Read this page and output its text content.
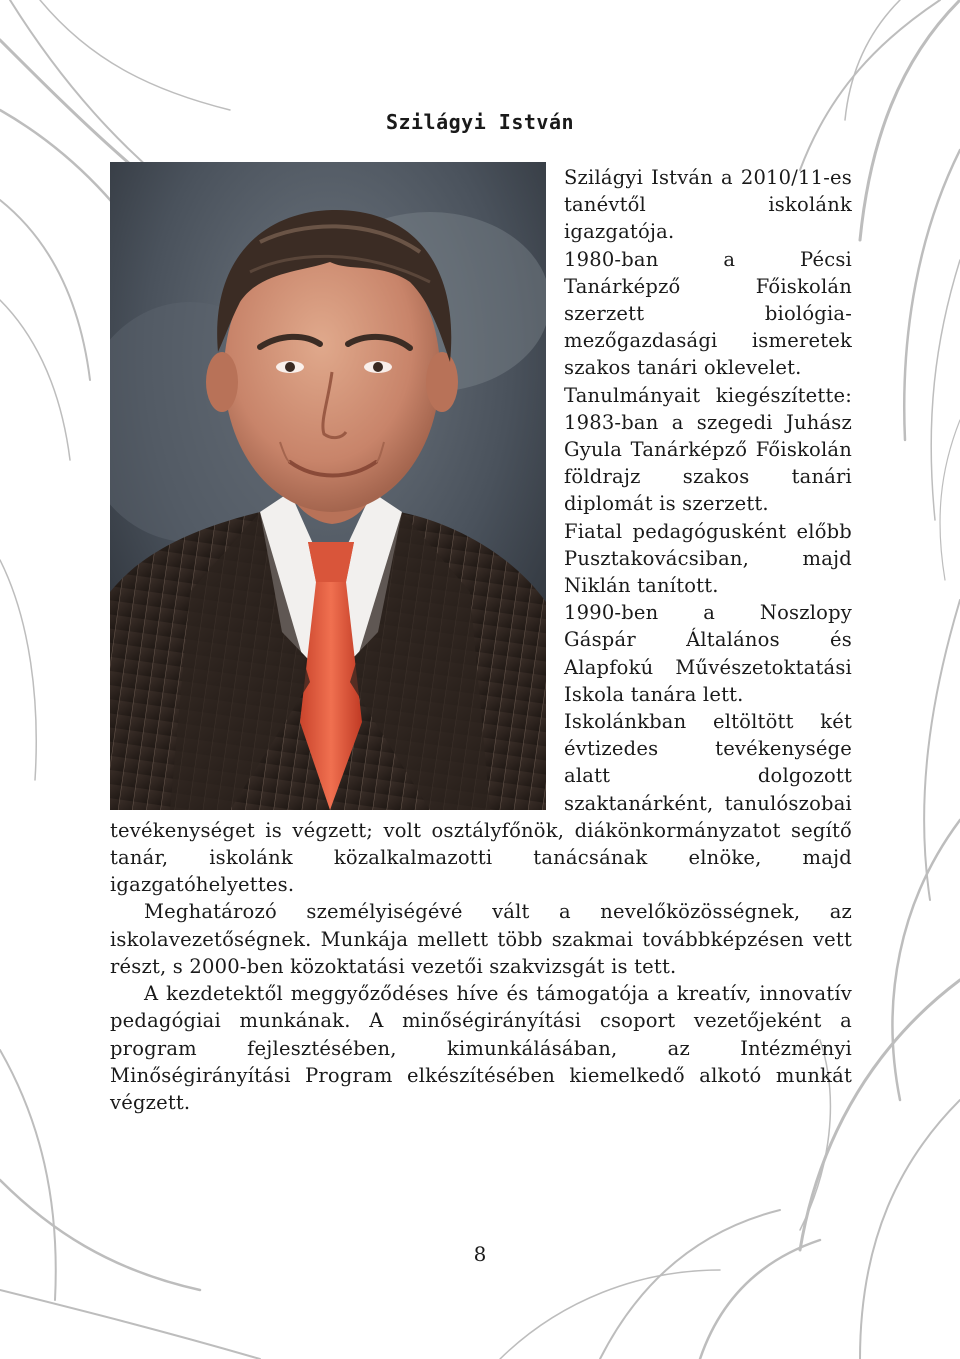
Szilágyi István

Szilágyi István a 2010/11-es tanévtől iskolánk igazgatója.

1980-ban a Pécsi Tanárképző Főiskolán szerzett biológia-mezőgazdasági ismeretek szakos tanári oklevelet.

Tanulmányait kiegészítette: 1983-ban a szegedi Juhász Gyula Tanárképző Főiskolán földrajz szakos tanári diplomát is szerzett.

Fiatal pedagógusként előbb Pusztakovácsiban, majd Niklán tanított.

1990-ben a Noszlopy Gáspár Általános és Alapfokú Művészetoktatási Iskola tanára lett.

Iskolánkban eltöltött két évtizedes tevékenysége alatt dolgozott szaktanárként, tanulószobai tevékenységet is végzett; volt osztályfőnök, diákönkormányzatot segítő tanár, iskolánk közalkalmazotti tanácsának elnöke, majd igazgatóhelyettes.

Meghatározó személyiségévé vált a nevelőközösségnek, az iskolavezetőségnek. Munkája mellett több szakmai továbbképzésen vett részt, s 2000-ben közoktatási vezetői szakvizsgát is tett.

A kezdetektől meggyőződéses híve és támogatója a kreatív, innovatív pedagógiai munkának. A minőségirányítási csoport vezetőjeként a program fejlesztésében, kimunkálásában, az Intézményi Minőségirányítási Program elkészítésében kiemelkedő alkotó munkát végzett.

8
